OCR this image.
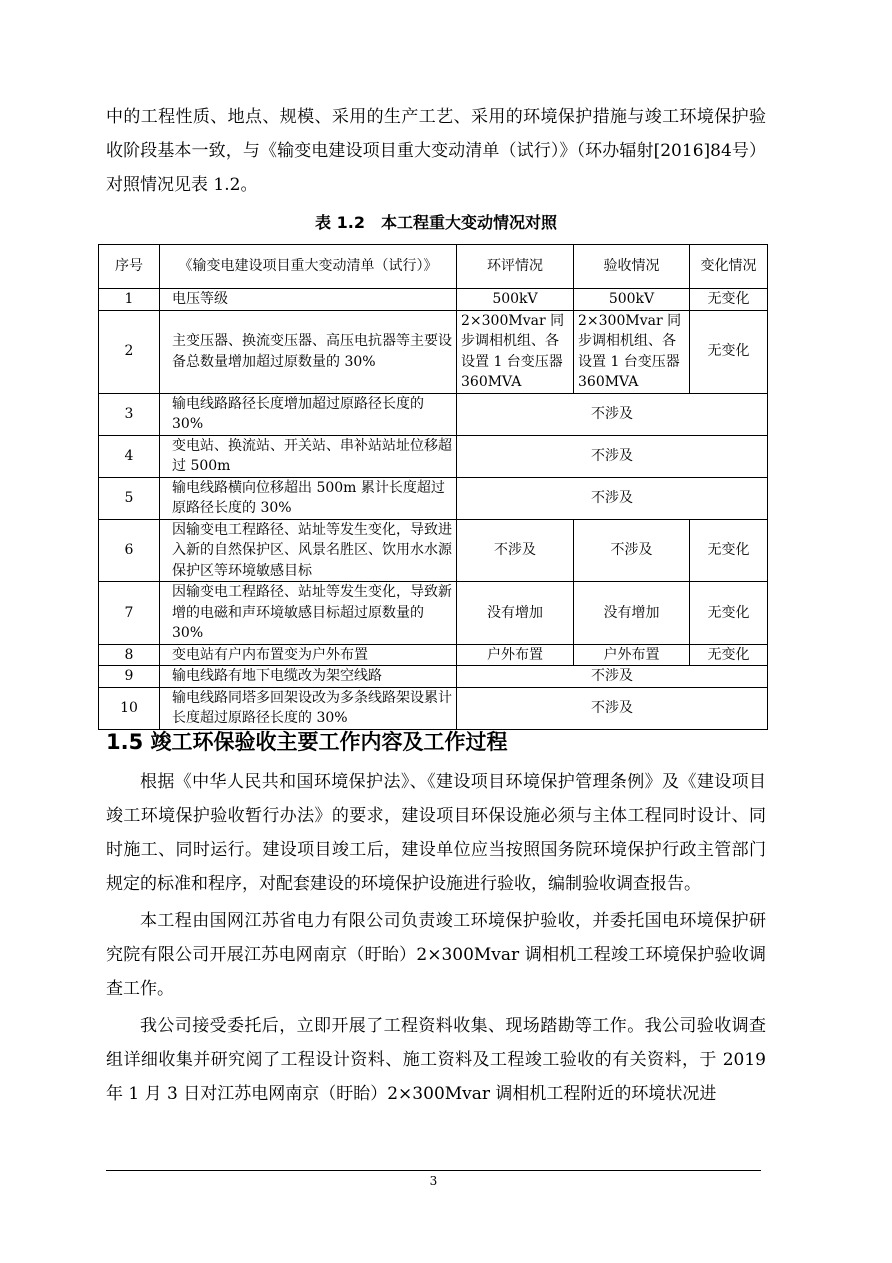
中的工程性质、地点、规模、采用的生产工艺、采用的环境保护措施与竣工环境保护验收阶段基本一致，与《输变电建设项目重大变动清单（试行）》（环办辐射[2016]84号）对照情况见表 1.2。

表 1.2　本工程重大变动情况对照
序号	《输变电建设项目重大变动清单（试行）》	环评情况	验收情况	变化情况
1	电压等级	500kV	500kV	无变化
2	主变压器、换流变压器、高压电抗器等主要设备总数量增加超过原数量的 30%	2×300Mvar 同步调相机组、各设置 1 台变压器 360MVA	2×300Mvar 同步调相机组、各设置 1 台变压器 360MVA	无变化
3	输电线路路径长度增加超过原路径长度的 30%	不涉及		
4	变电站、换流站、开关站、串补站站址位移超过 500m	不涉及		
5	输电线路横向位移超出 500m 累计长度超过原路径长度的 30%	不涉及		
6	因输变电工程路径、站址等发生变化，导致进入新的自然保护区、风景名胜区、饮用水水源保护区等环境敏感目标	不涉及	不涉及	无变化
7	因输变电工程路径、站址等发生变化，导致新增的电磁和声环境敏感目标超过原数量的 30%	没有增加	没有增加	无变化
8	变电站有户内布置变为户外布置	户外布置	户外布置	无变化
9	输电线路有地下电缆改为架空线路	不涉及		
10	输电线路同塔多回架设改为多条线路架设累计长度超过原路径长度的 30%	不涉及		
1.5 竣工环保验收主要工作内容及工作过程

根据《中华人民共和国环境保护法》、《建设项目环境保护管理条例》及《建设项目竣工环境保护验收暂行办法》的要求，建设项目环保设施必须与主体工程同时设计、同时施工、同时运行。建设项目竣工后，建设单位应当按照国务院环境保护行政主管部门规定的标准和程序，对配套建设的环境保护设施进行验收，编制验收调查报告。

本工程由国网江苏省电力有限公司负责竣工环境保护验收，并委托国电环境保护研究院有限公司开展江苏电网南京（盱眙）2×300Mvar 调相机工程竣工环境保护验收调查工作。

我公司接受委托后，立即开展了工程资料收集、现场踏勘等工作。我公司验收调查组详细收集并研究阅了工程设计资料、施工资料及工程竣工验收的有关资料，于 2019 年 1 月 3 日对江苏电网南京（盱眙）2×300Mvar 调相机工程附近的环境状况进

3
